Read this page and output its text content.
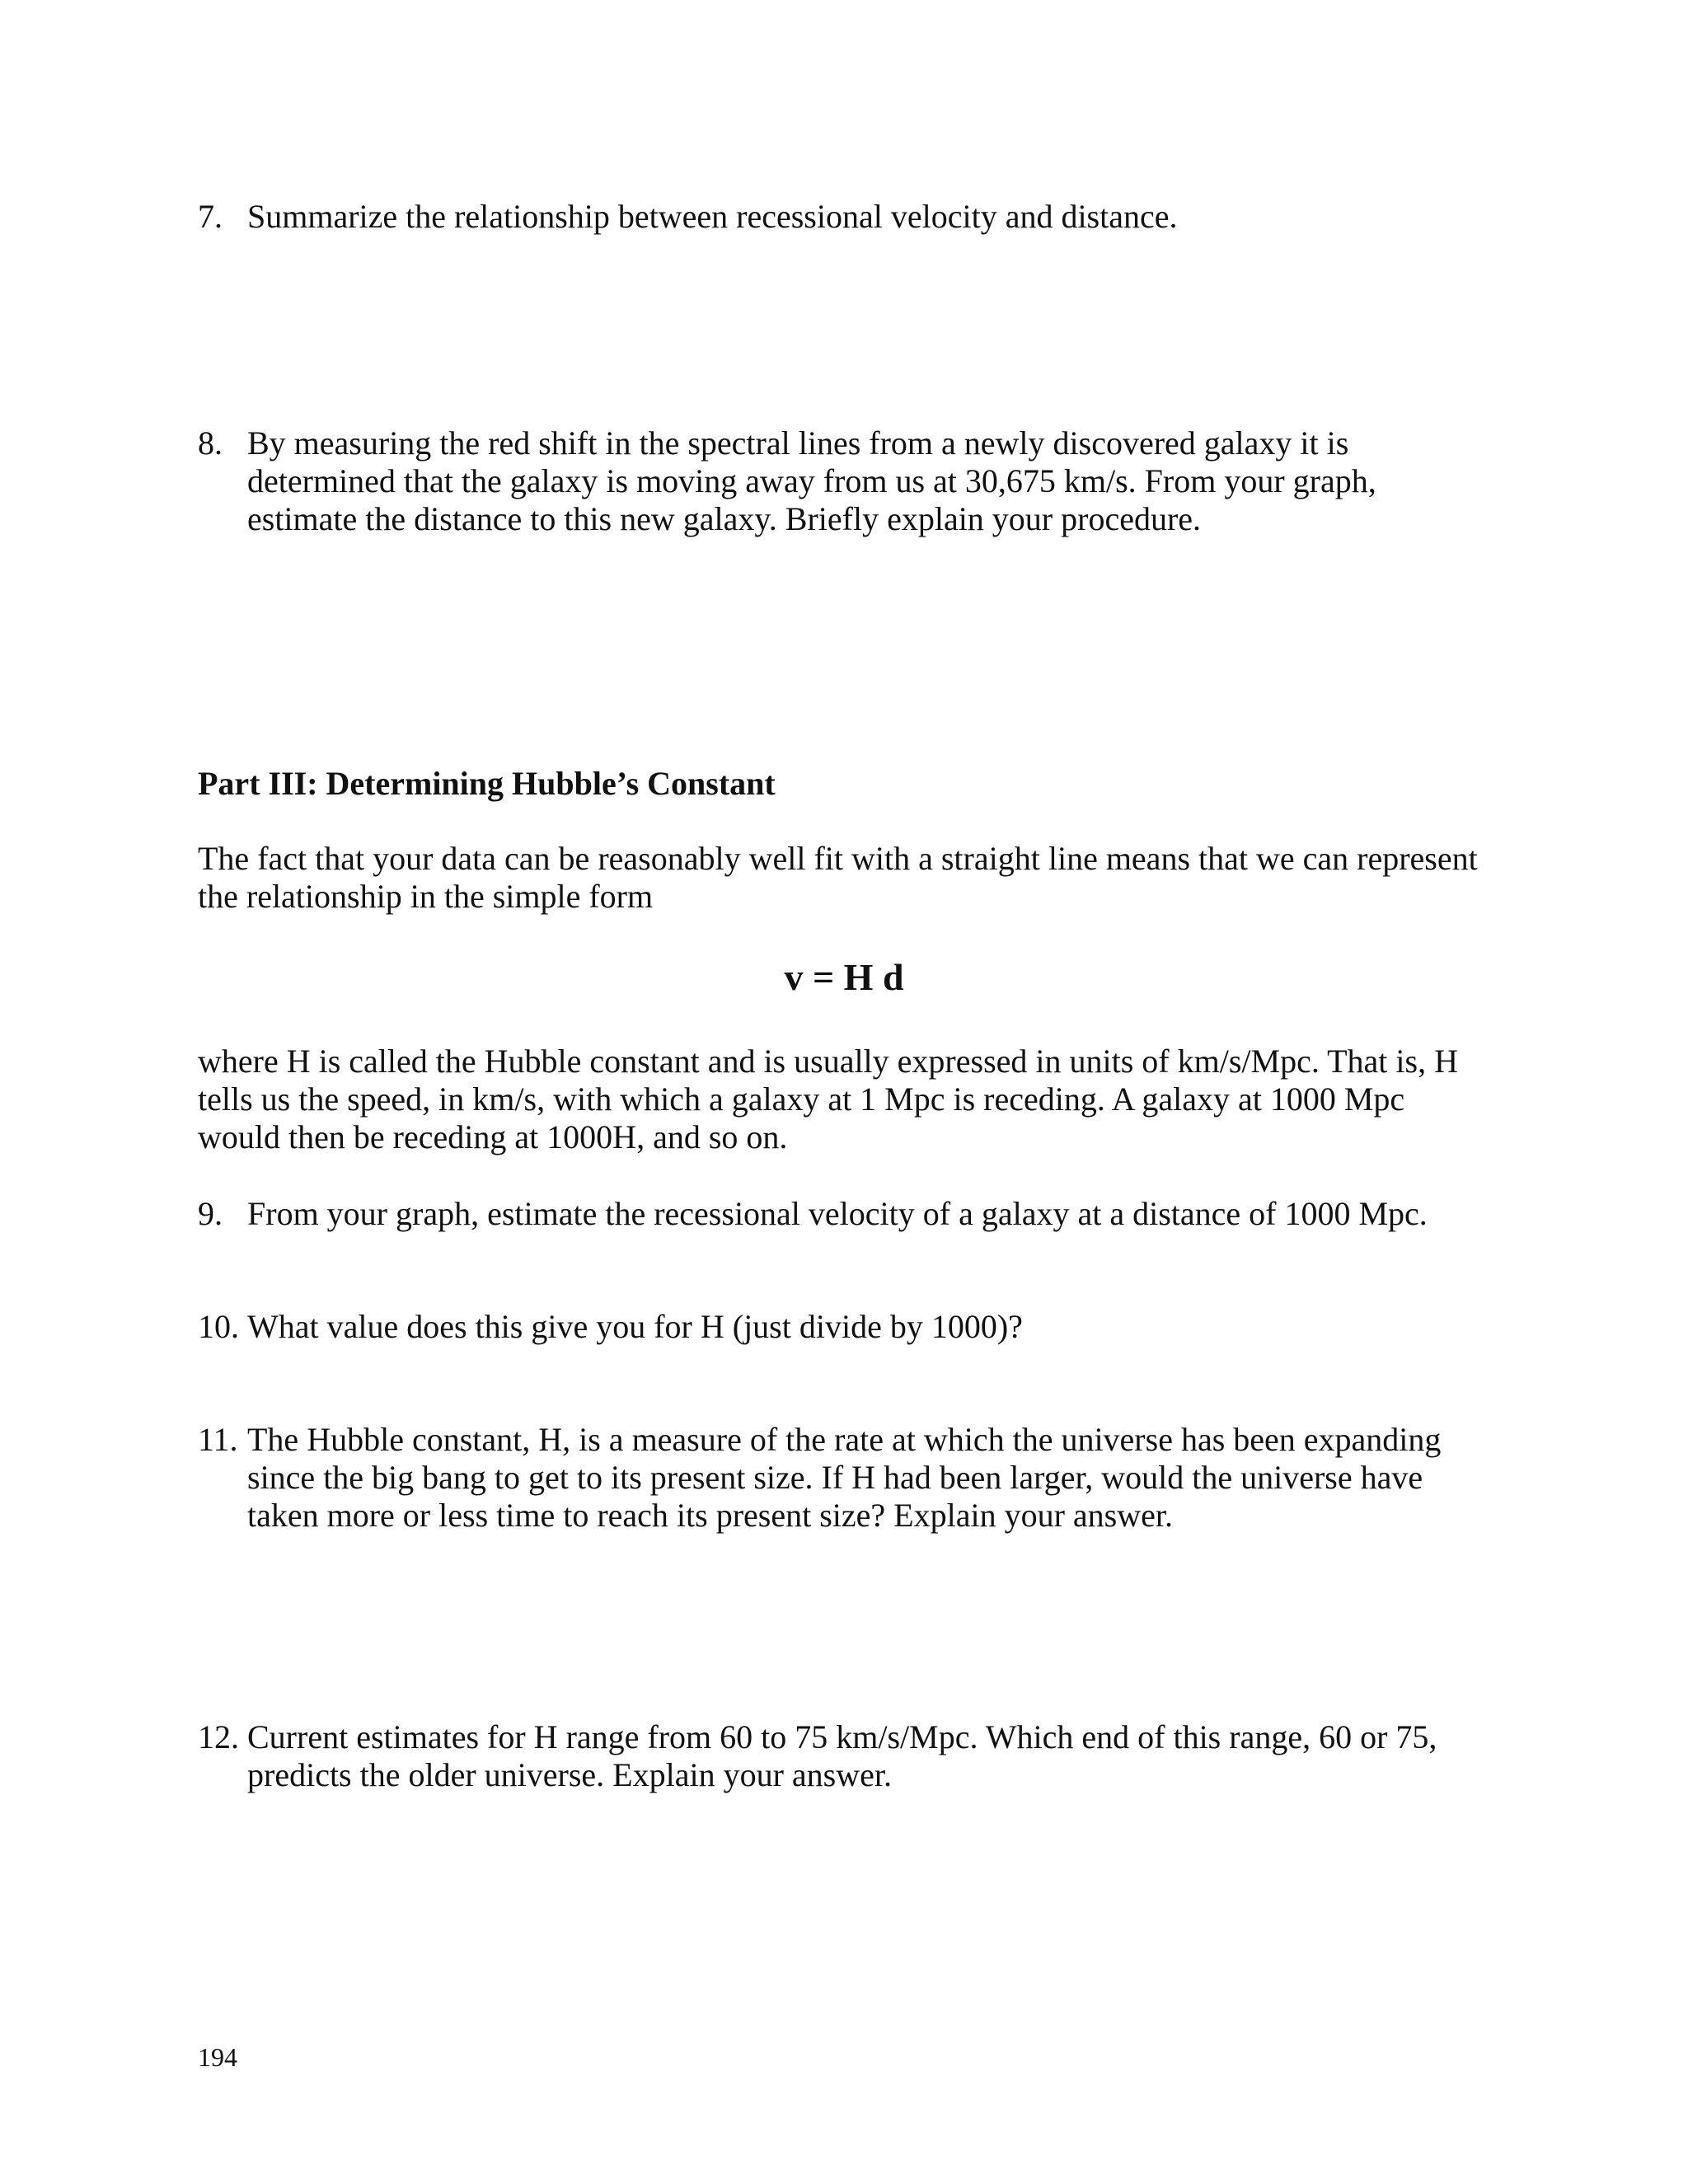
7. Summarize the relationship between recessional velocity and distance.
8. By measuring the red shift in the spectral lines from a newly discovered galaxy it is
determined that the galaxy is moving away from us at 30,675 km/s. From your graph,
estimate the distance to this new galaxy. Briefly explain your procedure.
Part III: Determining Hubble’s Constant
The fact that your data can be reasonably well fit with a straight line means that we can represent
the relationship in the simple form
v = H d
where H is called the Hubble constant and is usually expressed in units of km/s/Mpc. That is, H
tells us the speed, in km/s, with which a galaxy at 1 Mpc is receding. A galaxy at 1000 Mpc
would then be receding at 1000H, and so on.
9. From your graph, estimate the recessional velocity of a galaxy at a distance of 1000 Mpc.
10. What value does this give you for H (just divide by 1000)?
11. The Hubble constant, H, is a measure of the rate at which the universe has been expanding
since the big bang to get to its present size. If H had been larger, would the universe have
taken more or less time to reach its present size? Explain your answer.
12. Current estimates for H range from 60 to 75 km/s/Mpc. Which end of this range, 60 or 75,
predicts the older universe. Explain your answer.
194
